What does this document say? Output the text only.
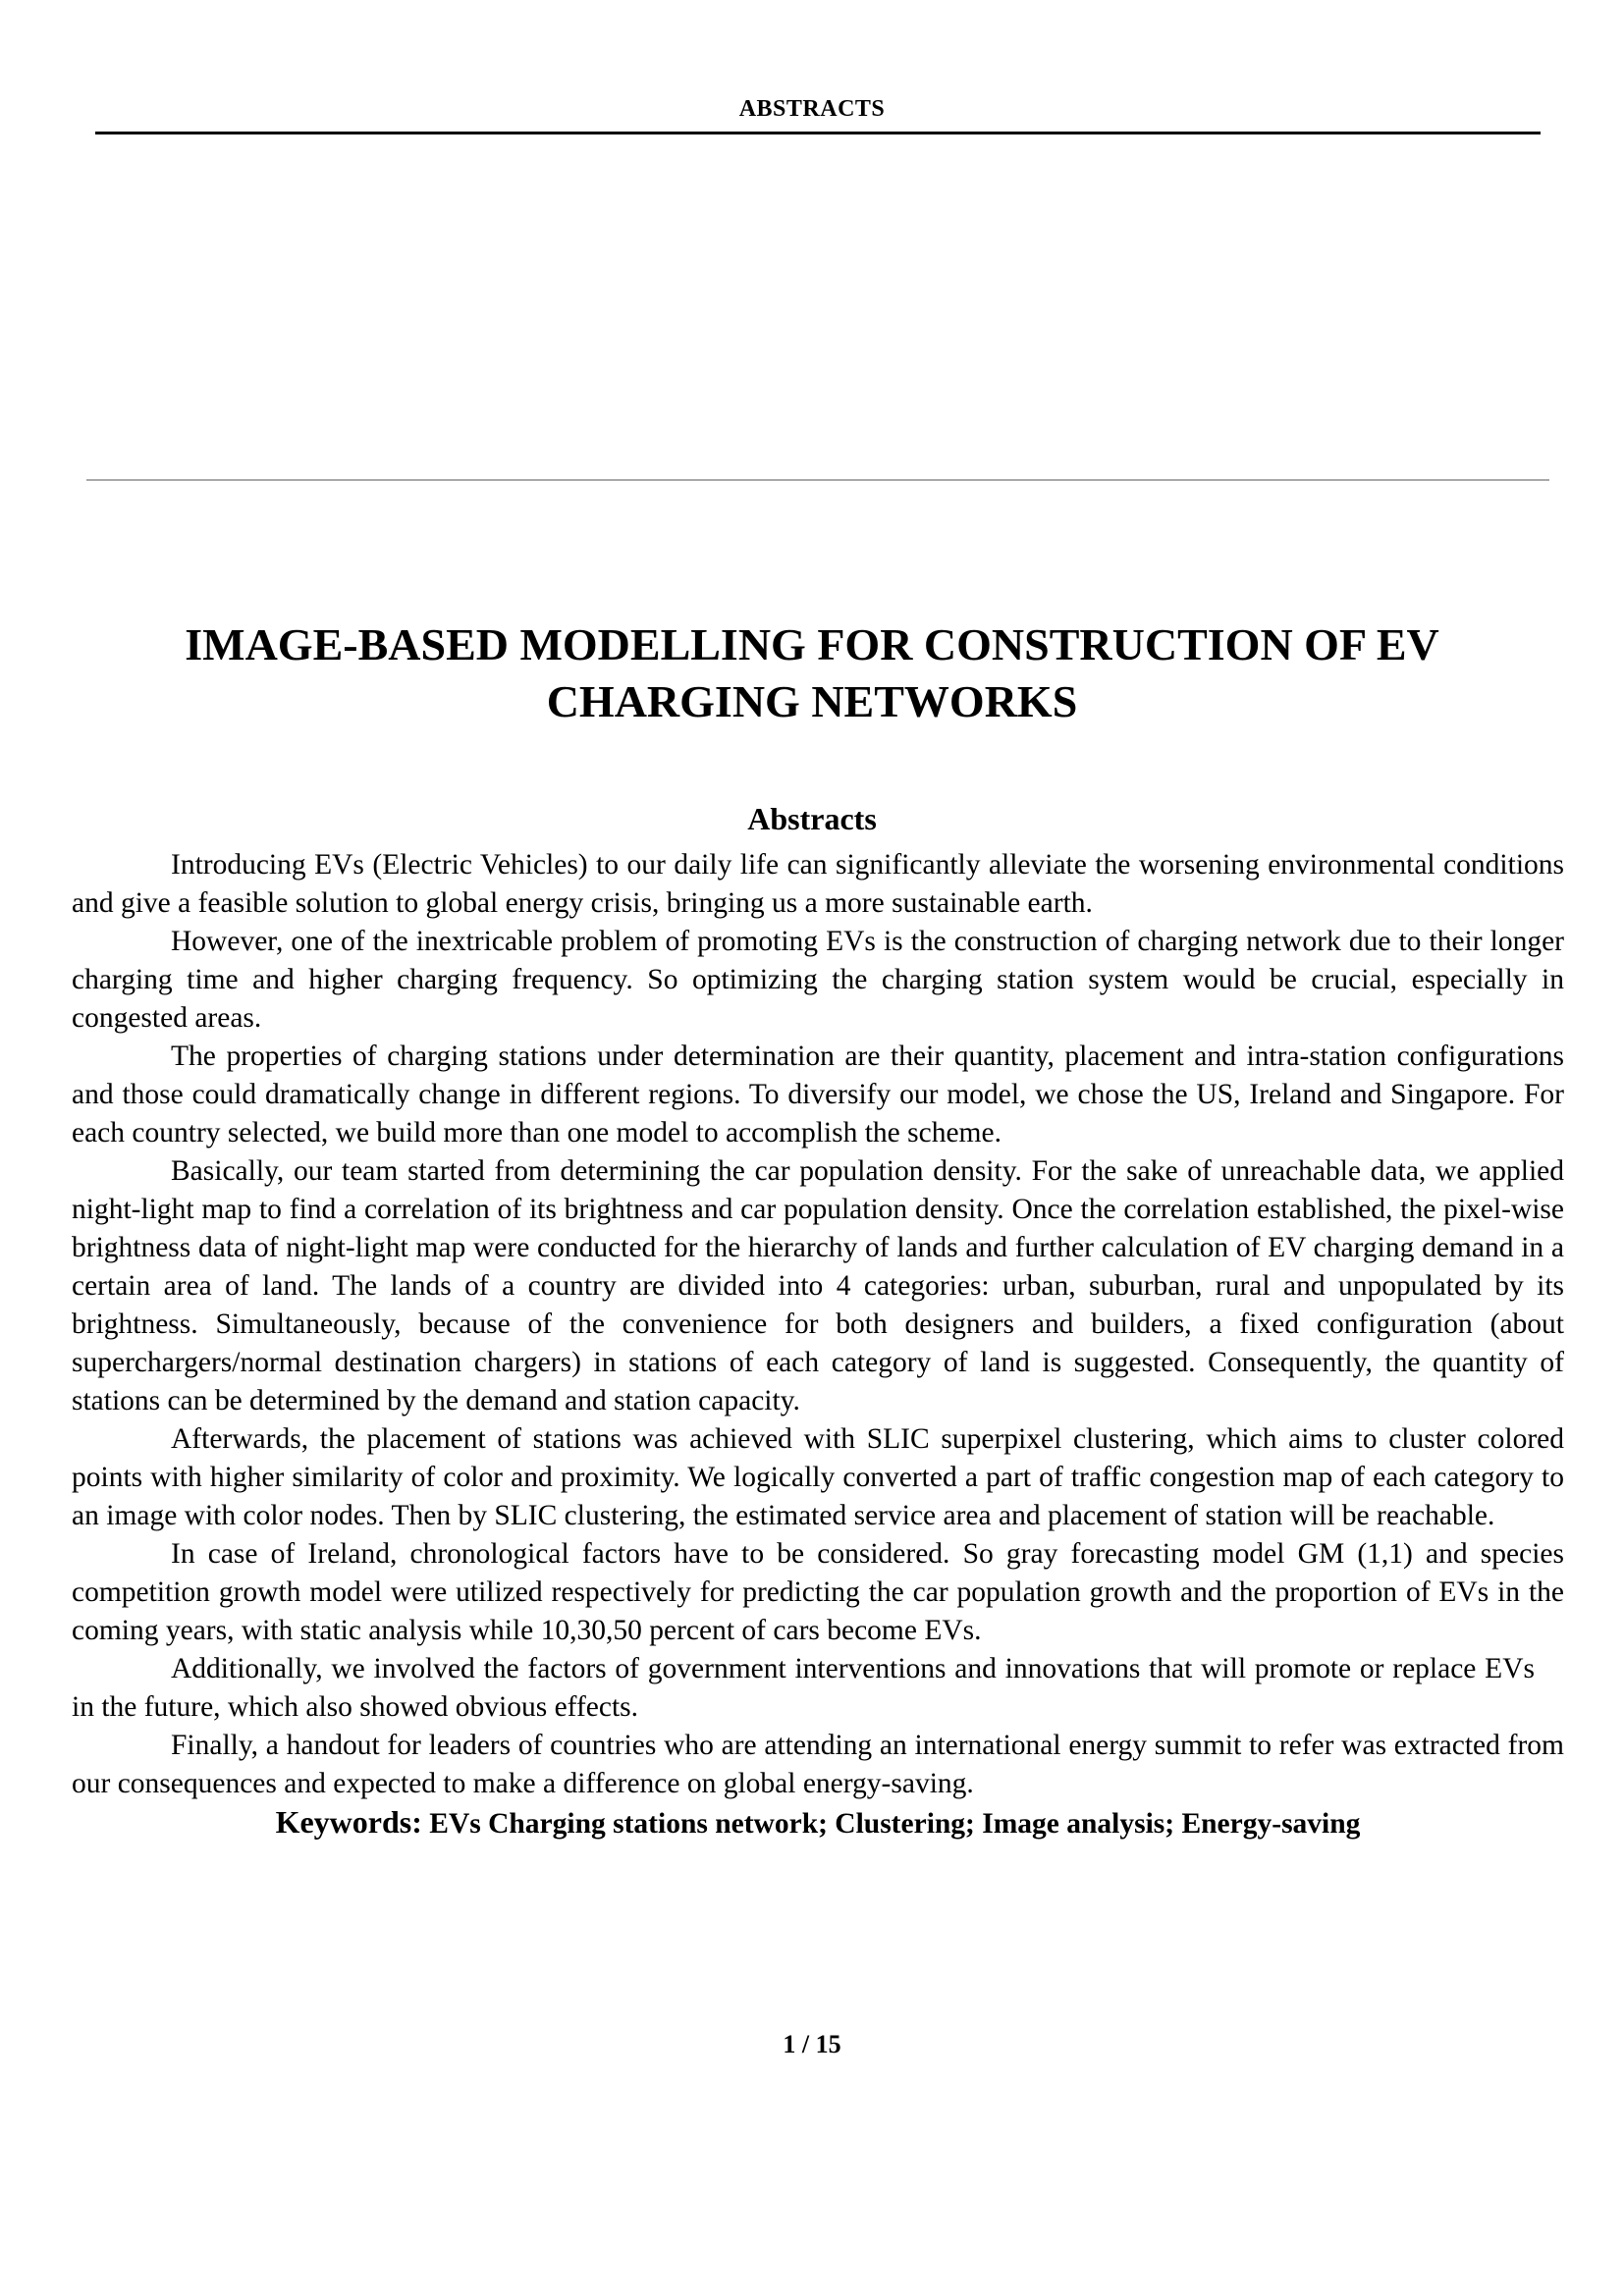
ABSTRACTS
IMAGE-BASED MODELLING FOR CONSTRUCTION OF EV CHARGING NETWORKS
Abstracts

Introducing EVs (Electric Vehicles) to our daily life can significantly alleviate the worsening environmental conditions and give a feasible solution to global energy crisis, bringing us a more sustainable earth.

However, one of the inextricable problem of promoting EVs is the construction of charging network due to their longer charging time and higher charging frequency. So optimizing the charging station system would be crucial, especially in congested areas.

The properties of charging stations under determination are their quantity, placement and intra-station configurations and those could dramatically change in different regions. To diversify our model, we chose the US, Ireland and Singapore. For each country selected, we build more than one model to accomplish the scheme.

Basically, our team started from determining the car population density. For the sake of unreachable data, we applied night-light map to find a correlation of its brightness and car population density. Once the correlation established, the pixel-wise brightness data of night-light map were conducted for the hierarchy of lands and further calculation of EV charging demand in a certain area of land. The lands of a country are divided into 4 categories: urban, suburban, rural and unpopulated by its brightness. Simultaneously, because of the convenience for both designers and builders, a fixed configuration (about superchargers/normal destination chargers) in stations of each category of land is suggested. Consequently, the quantity of stations can be determined by the demand and station capacity.

Afterwards, the placement of stations was achieved with SLIC superpixel clustering, which aims to cluster colored points with higher similarity of color and proximity. We logically converted a part of traffic congestion map of each category to an image with color nodes. Then by SLIC clustering, the estimated service area and placement of station will be reachable.

In case of Ireland, chronological factors have to be considered. So gray forecasting model GM (1,1) and species competition growth model were utilized respectively for predicting the car population growth and the proportion of EVs in the coming years, with static analysis while 10,30,50 percent of cars become EVs.

Additionally, we involved the factors of government interventions and innovations that will promote or replace EVs in the future, which also showed obvious effects.

Finally, a handout for leaders of countries who are attending an international energy summit to refer was extracted from our consequences and expected to make a difference on global energy-saving.

Keywords: EVs Charging stations network; Clustering; Image analysis; Energy-saving
1 / 15
